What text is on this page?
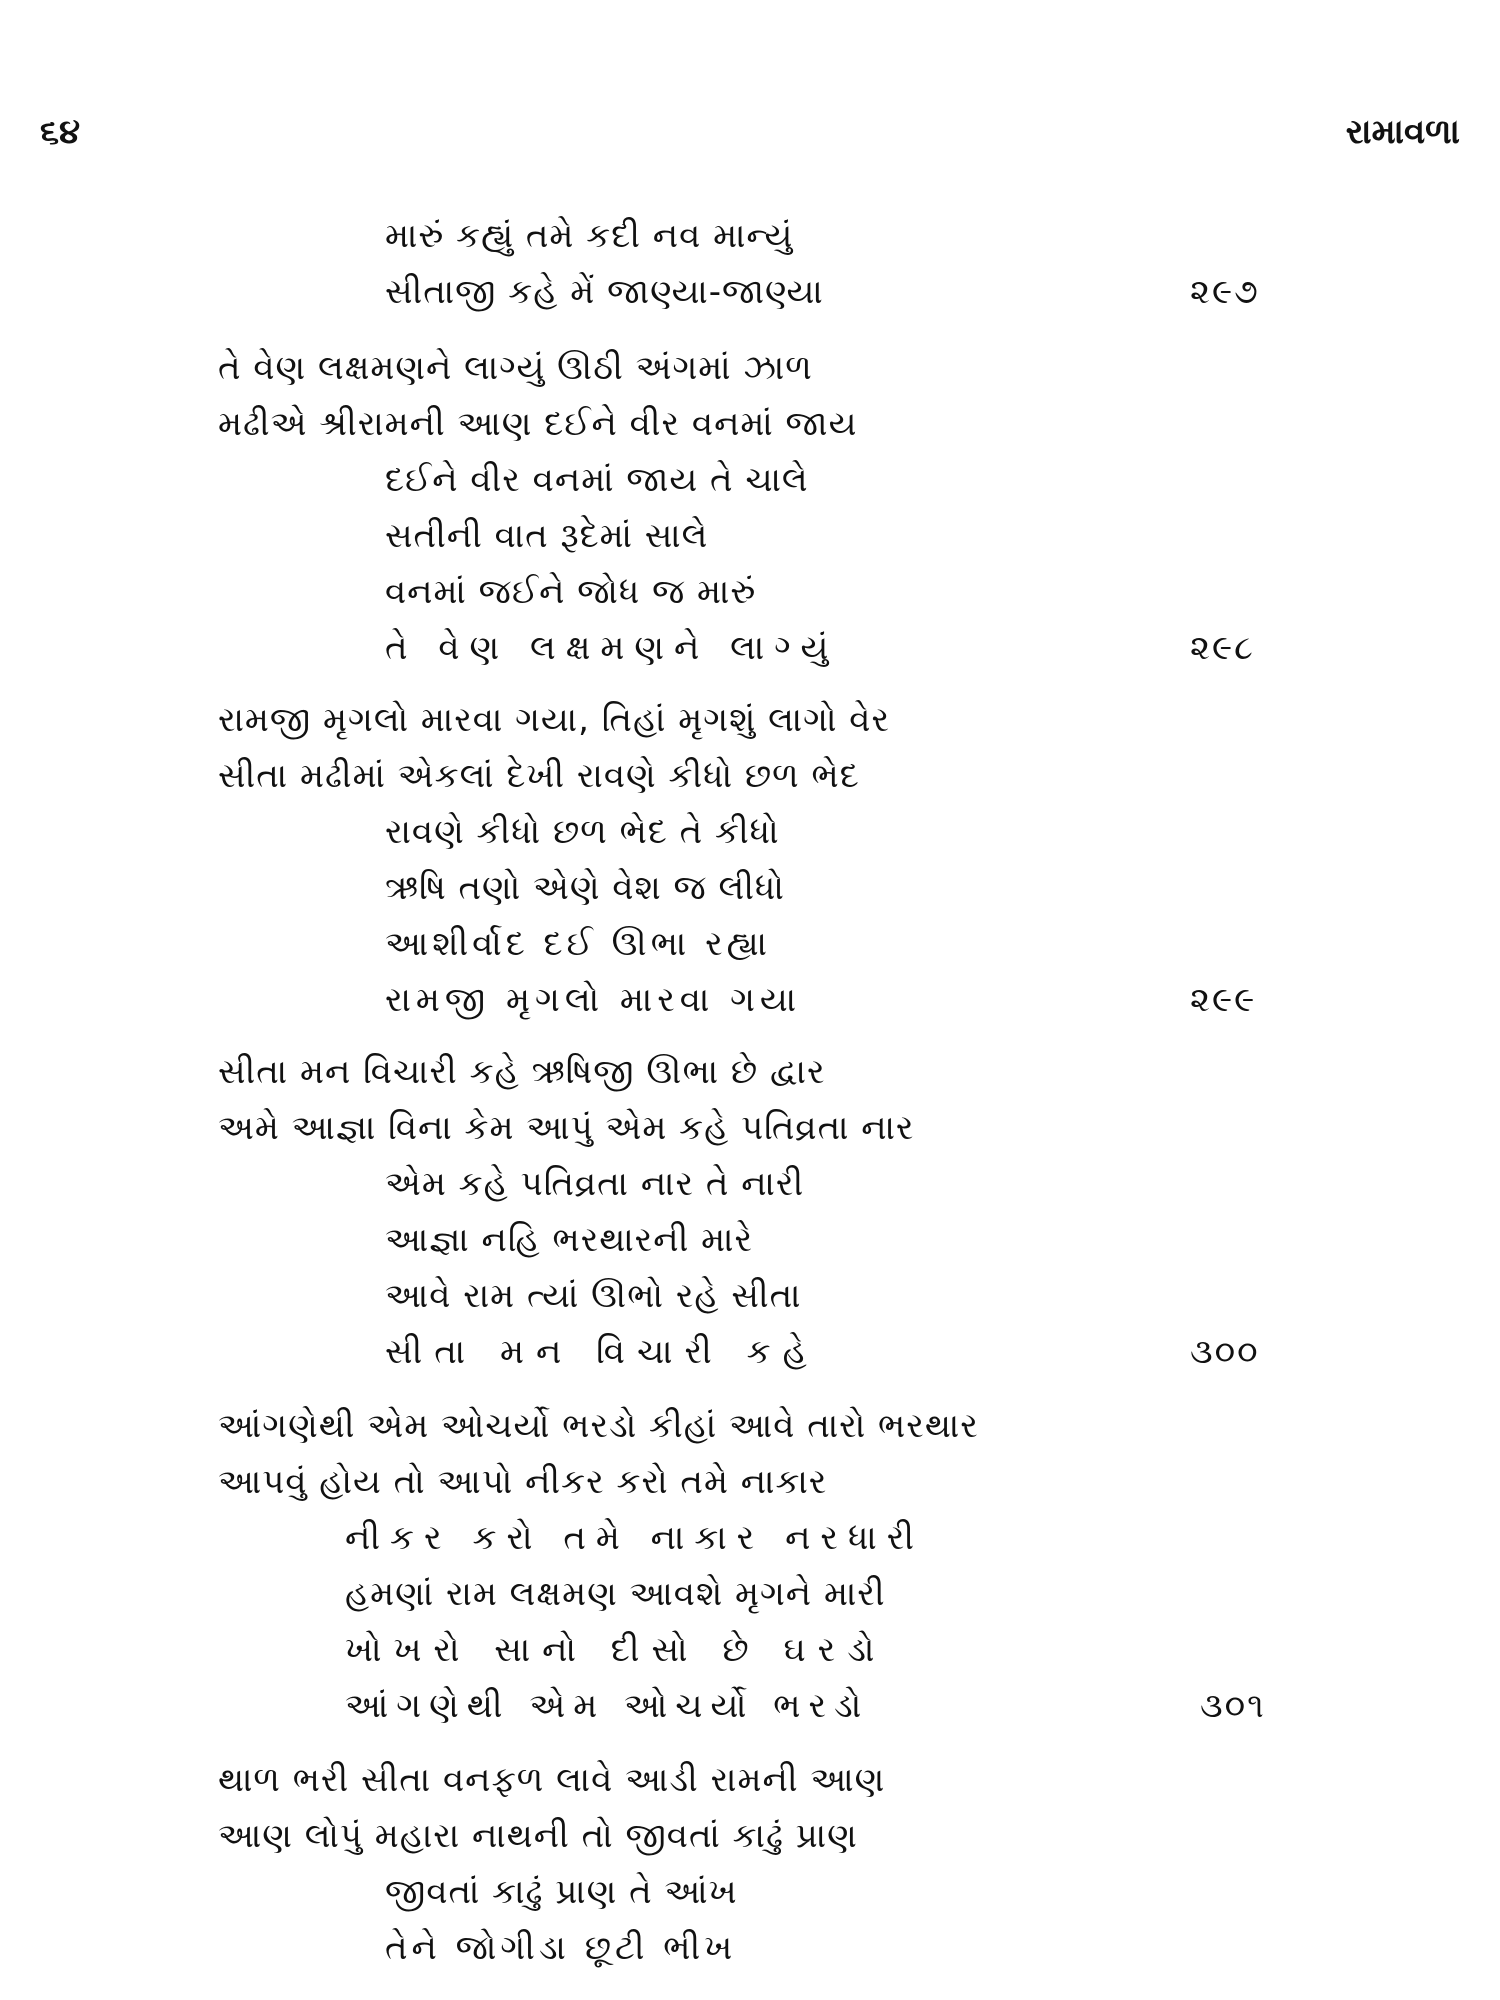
૬૪	રામાવળા
મારું કહ્યું તમે કદી નવ માન્યું
સીતાજી કહે મેં જાણ્યા-જાણ્યા	૨૯૭
તે વેણ લક્ષમણને લાગ્યું ઊઠી અંગમાં ઝાળ
મઢીએ શ્રીરામની આણ દઈને વીર વનમાં જાય
દઈને વીર વનમાં જાય તે ચાલે
સતીની વાત રૂદેમાં સાલે
વનમાં જઈને જોધ જ મારું
તે વેણ લક્ષમણને લાગ્યું	૨૯૮
રામજી મૃગલો મારવા ગયા, તિહાં મૃગશું લાગો વેર
સીતા મઢીમાં એકલાં દેખી રાવણે કીધો છળ ભેદ
રાવણે કીધો છળ ભેદ તે કીધો
ઋષિ તણો એણે વેશ જ લીધો
આશીર્વાદ દઈ ઊભા રહ્યા
રામજી મૃગલો મારવા ગયા	૨૯૯
સીતા મન વિચારી કહે ઋષિજી ઊભા છે દ્વાર
અમે આજ્ઞા વિના કેમ આપું એમ કહે પતિવ્રતા નાર
એમ કહે પતિવ્રતા નાર તે નારી
આજ્ઞા નહિ ભરથારની મારે
આવે રામ ત્યાં ઊભો રહે સીતા
સીતા મન વિચારી કહે	૩૦૦
આંગણેથી એમ ઓચર્યો ભરડો કીહાં આવે તારો ભરથાર
આપવું હોય તો આપો નીકર કરો તમે નાકાર
નીકર કરો તમે નાકાર નરધારી
હમણાં રામ લક્ષમણ આવશે મૃગને મારી
ખોખરો સાનો દીસો છે ઘરડો
આંગણેથી એમ ઓચર્યો ભરડો	૩૦૧
થાળ ભરી સીતા વનફળ લાવે આડી રામની આણ
આણ લોપું મહારા નાથની તો જીવતાં કાઢું પ્રાણ
જીવતાં કાઢું પ્રાણ તે આંખ
તેને જોગીડા છૂટી ભીખ
